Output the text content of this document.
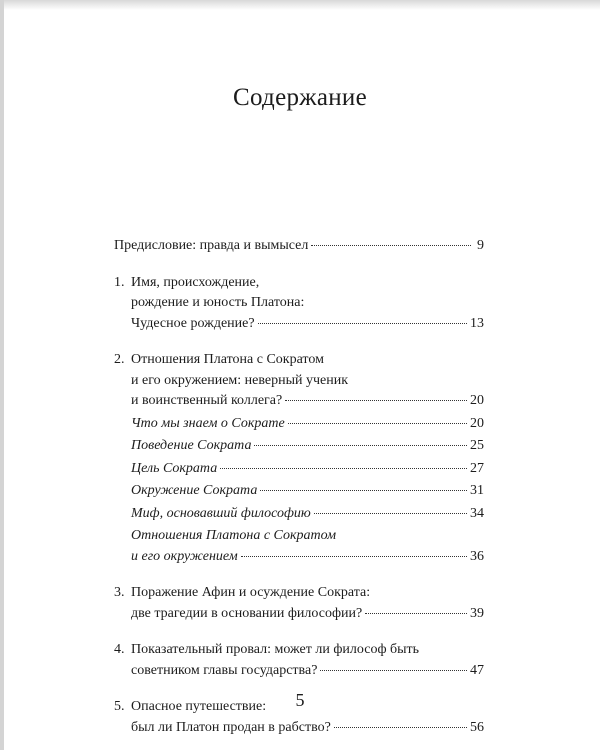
Содержание
Предисловие: правда и вымысел	9
1. Имя, происхождение,
рождение и юность Платона:
Чудесное рождение?	13
2. Отношения Платона с Сократом
и его окружением: неверный ученик
и воинственный коллега?	20
Что мы знаем о Сократе	20
Поведение Сократа	25
Цель Сократа	27
Окружение Сократа	31
Миф, основавший философию	34
Отношения Платона с Сократом
и его окружением	36
3. Поражение Афин и осуждение Сократа:
две трагедии в основании философии?	39
4. Показательный провал: может ли философ быть
советником главы государства?	47
5. Опасное путешествие:
был ли Платон продан в рабство?	56
5
